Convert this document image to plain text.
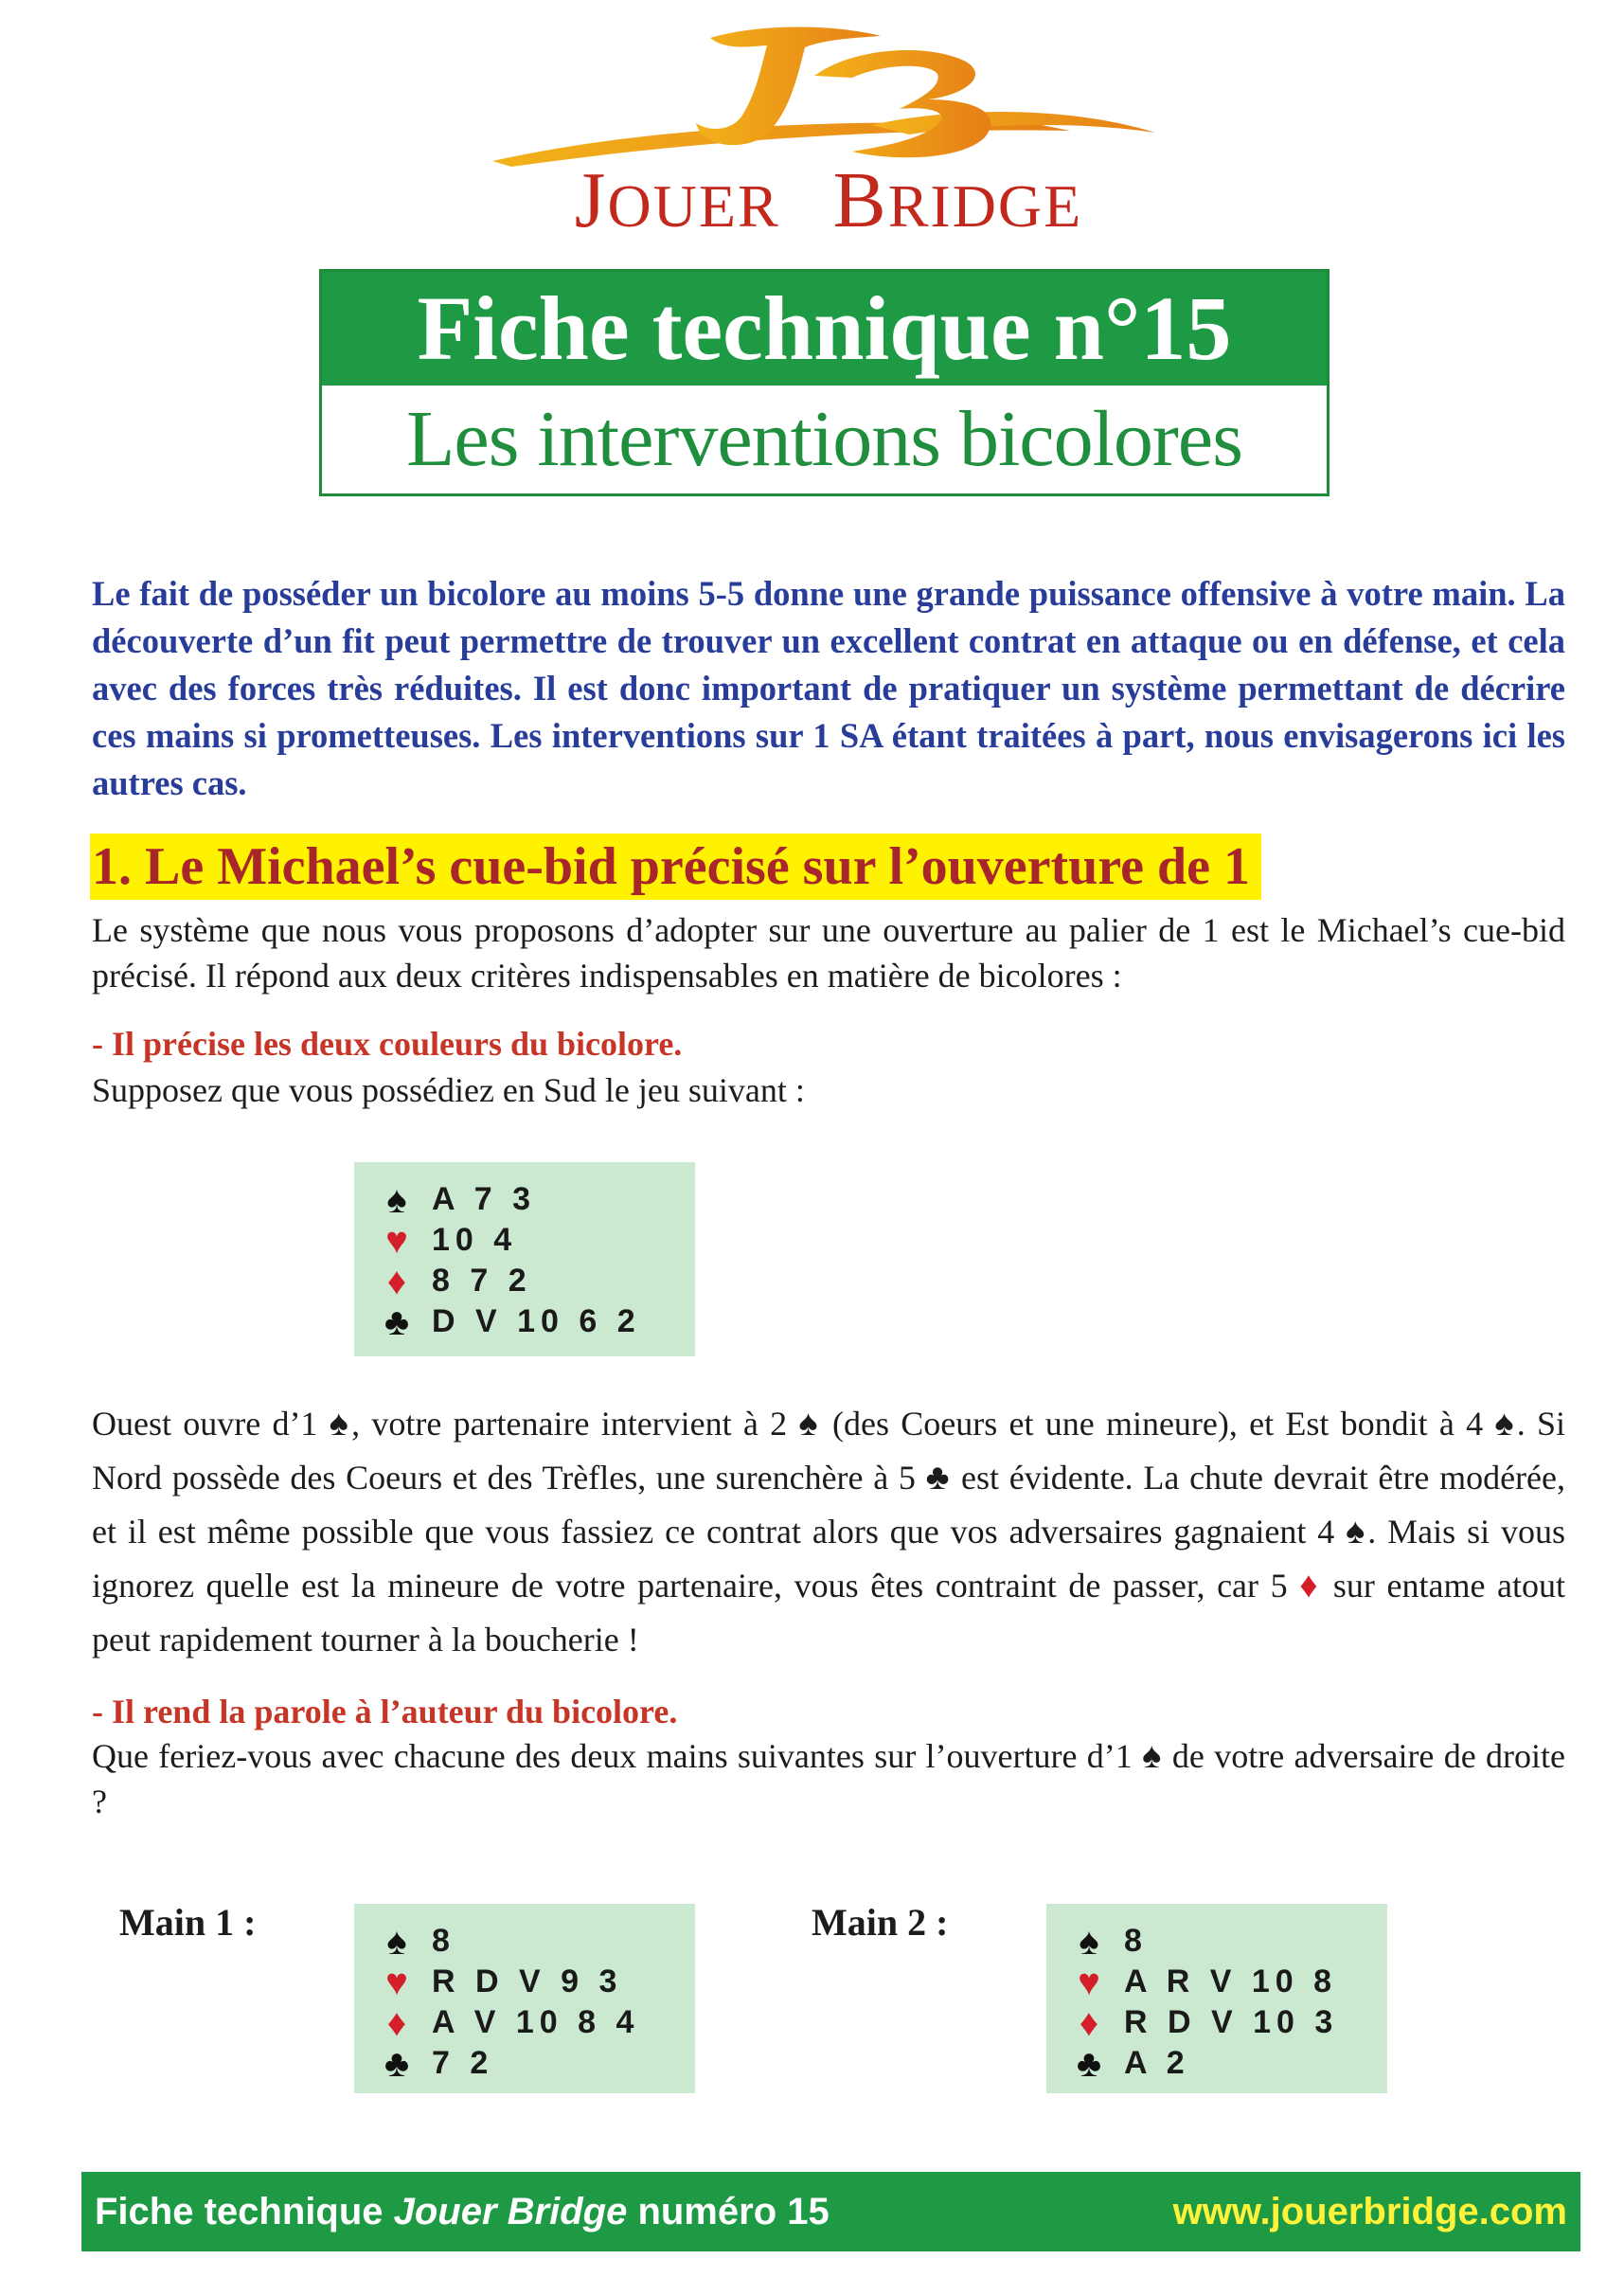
JOUER BRIDGE
Fiche technique n°15
Les interventions bicolores

Le fait de posséder un bicolore au moins 5-5 donne une grande puissance offensive à votre main. La découverte d’un fit peut permettre de trouver un excellent contrat en attaque ou en défense, et cela avec des forces très réduites. Il est donc important de pratiquer un système permettant de décrire ces mains si prometteuses. Les interventions sur 1 SA étant traitées à part, nous envisagerons ici les autres cas.

1. Le Michael’s cue-bid précisé sur l’ouverture de 1

Le système que nous vous proposons d’adopter sur une ouverture au palier de 1 est le Michael’s cue-bid précisé. Il répond aux deux critères indispensables en matière de bicolores :

- Il précise les deux couleurs du bicolore.
Supposez que vous possédiez en Sud le jeu suivant :
♠ A 7 3
♥ 10 4
♦ 8 7 2
♣ D V 10 6 2

Ouest ouvre d’1 ♠, votre partenaire intervient à 2 ♠ (des Coeurs et une mineure), et Est bondit à 4 ♠. Si Nord possède des Coeurs et des Trèfles, une surenchère à 5 ♣ est évidente. La chute devrait être modérée, et il est même possible que vous fassiez ce contrat alors que vos adversaires gagnaient 4 ♠. Mais si vous ignorez quelle est la mineure de votre partenaire, vous êtes contraint de passer, car 5 ♦ sur entame atout peut rapidement tourner à la boucherie !

- Il rend la parole à l’auteur du bicolore.

Que feriez-vous avec chacune des deux mains suivantes sur l’ouverture d’1 ♠ de votre adversaire de droite ?

Main 1 :	♠ 8
♥ R D V 9 3
♦ A V 10 8 4
♣ 7 2
Main 2 :	♠ 8
♥ A R V 10 8
♦ R D V 10 3
♣ A 2
Fiche technique Jouer Bridge numéro 15	www.jouerbridge.com
